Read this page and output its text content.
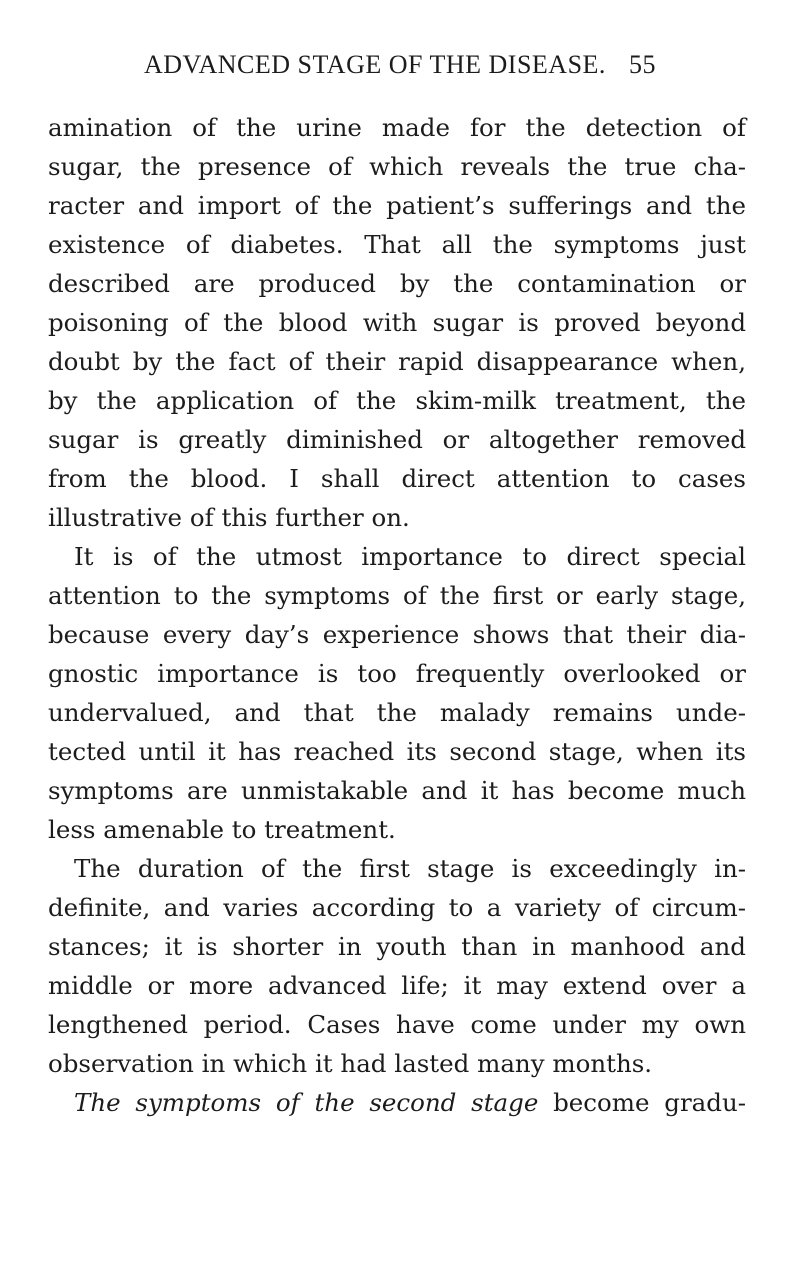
ADVANCED STAGE OF THE DISEASE. 55
amination of the urine made for the detection of
sugar, the presence of which reveals the true cha-
racter and import of the patient’s sufferings and the
existence of diabetes. That all the symptoms just
described are produced by the contamination or
poisoning of the blood with sugar is proved beyond
doubt by the fact of their rapid disappearance when,
by the application of the skim-milk treatment, the
sugar is greatly diminished or altogether removed
from the blood. I shall direct attention to cases
illustrative of this further on.
It is of the utmost importance to direct special
attention to the symptoms of the first or early stage,
because every day’s experience shows that their dia-
gnostic importance is too frequently overlooked or
undervalued, and that the malady remains unde-
tected until it has reached its second stage, when its
symptoms are unmistakable and it has become much
less amenable to treatment.
The duration of the first stage is exceedingly in-
definite, and varies according to a variety of circum-
stances; it is shorter in youth than in manhood and
middle or more advanced life; it may extend over a
lengthened period. Cases have come under my own
observation in which it had lasted many months.
The symptoms of the second stage become gradu-
